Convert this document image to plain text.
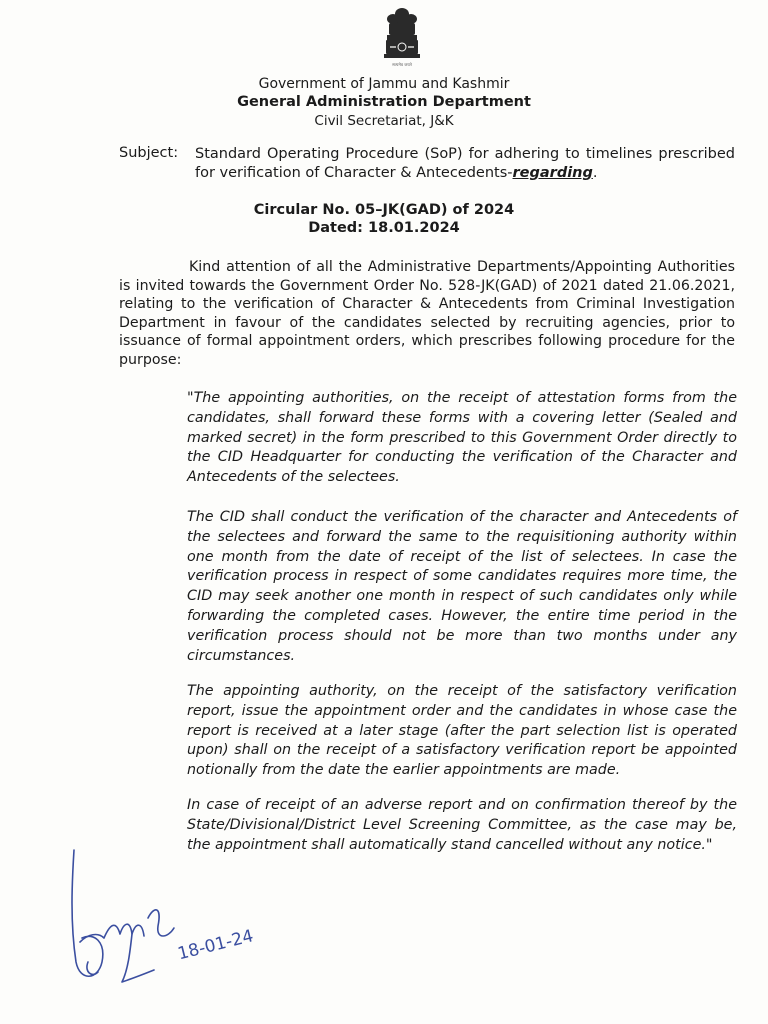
सत्यमेव जयते
Government of Jammu and Kashmir
General Administration Department
Civil Secretariat, J&K
Subject: Standard Operating Procedure (SoP) for adhering to timelines prescribed for verification of Character & Antecedents-regarding.
Circular No. 05–JK(GAD) of 2024
Dated: 18.01.2024
Kind attention of all the Administrative Departments/Appointing Authorities is invited towards the Government Order No. 528-JK(GAD) of 2021 dated 21.06.2021, relating to the verification of Character & Antecedents from Criminal Investigation Department in favour of the candidates selected by recruiting agencies, prior to issuance of formal appointment orders, which prescribes following procedure for the purpose:
"The appointing authorities, on the receipt of attestation forms from the candidates, shall forward these forms with a covering letter (Sealed and marked secret) in the form prescribed to this Government Order directly to the CID Headquarter for conducting the verification of the Character and Antecedents of the selectees.
The CID shall conduct the verification of the character and Antecedents of the selectees and forward the same to the requisitioning authority within one month from the date of receipt of the list of selectees. In case the verification process in respect of some candidates requires more time, the CID may seek another one month in respect of such candidates only while forwarding the completed cases. However, the entire time period in the verification process should not be more than two months under any circumstances.
The appointing authority, on the receipt of the satisfactory verification report, issue the appointment order and the candidates in whose case the report is received at a later stage (after the part selection list is operated upon) shall on the receipt of a satisfactory verification report be appointed notionally from the date the earlier appointments are made.
In case of receipt of an adverse report and on confirmation thereof by the State/Divisional/District Level Screening Committee, as the case may be, the appointment shall automatically stand cancelled without any notice."
18-01-24
